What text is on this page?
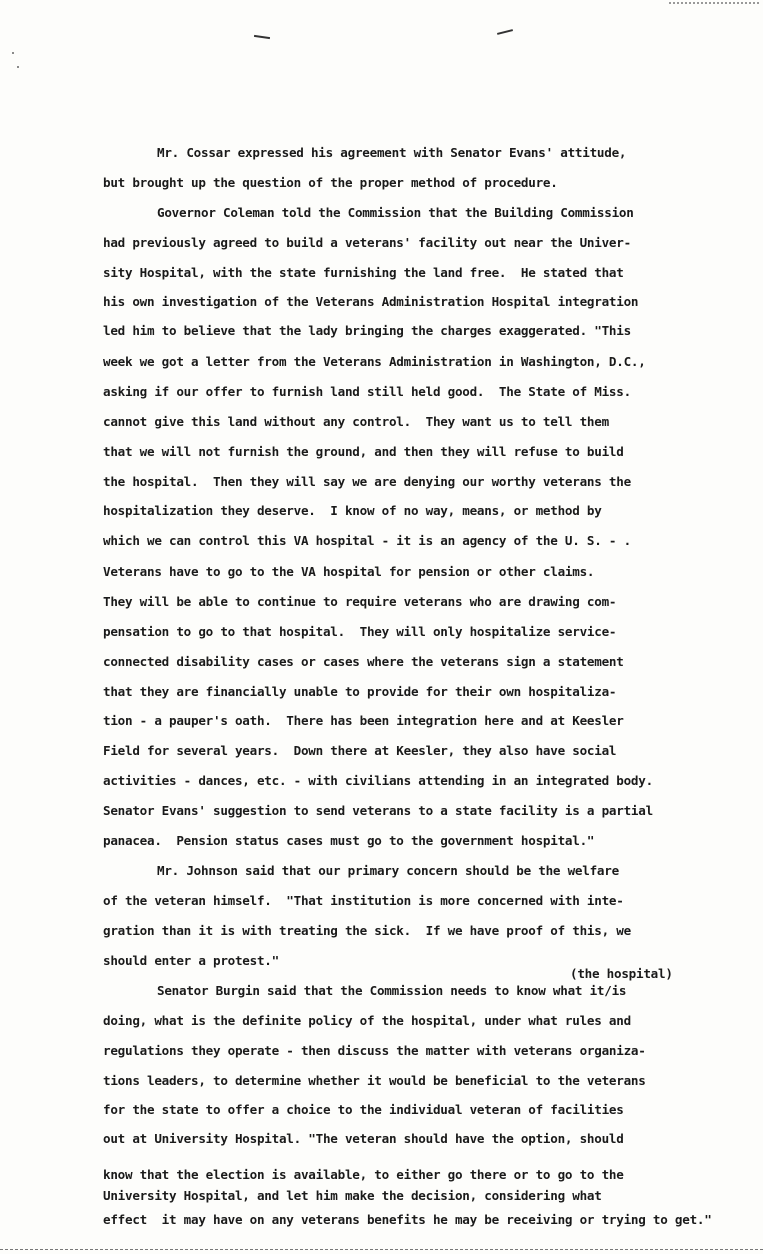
Mr. Cossar expressed his agreement with Senator Evans' attitude,
but brought up the question of the proper method of procedure.
Governor Coleman told the Commission that the Building Commission
had previously agreed to build a veterans' facility out near the Univer-
sity Hospital, with the state furnishing the land free.  He stated that
his own investigation of the Veterans Administration Hospital integration
led him to believe that the lady bringing the charges exaggerated. "This
week we got a letter from the Veterans Administration in Washington, D.C.,
asking if our offer to furnish land still held good.  The State of Miss.
cannot give this land without any control.  They want us to tell them
that we will not furnish the ground, and then they will refuse to build
the hospital.  Then they will say we are denying our worthy veterans the
hospitalization they deserve.  I know of no way, means, or method by
which we can control this VA hospital - it is an agency of the U. S. - .
Veterans have to go to the VA hospital for pension or other claims.
They will be able to continue to require veterans who are drawing com-
pensation to go to that hospital.  They will only hospitalize service-
connected disability cases or cases where the veterans sign a statement
that they are financially unable to provide for their own hospitaliza-
tion - a pauper's oath.  There has been integration here and at Keesler
Field for several years.  Down there at Keesler, they also have social
activities - dances, etc. - with civilians attending in an integrated body.
Senator Evans' suggestion to send veterans to a state facility is a partial
panacea.  Pension status cases must go to the government hospital."
Mr. Johnson said that our primary concern should be the welfare
of the veteran himself.  "That institution is more concerned with inte-
gration than it is with treating the sick.  If we have proof of this, we
should enter a protest."
(the hospital)
Senator Burgin said that the Commission needs to know what it/is
doing, what is the definite policy of the hospital, under what rules and
regulations they operate - then discuss the matter with veterans organiza-
tions leaders, to determine whether it would be beneficial to the veterans
for the state to offer a choice to the individual veteran of facilities
out at University Hospital. "The veteran should have the option, should
know that the election is available, to either go there or to go to the
University Hospital, and let him make the decision, considering what
effect  it may have on any veterans benefits he may be receiving or trying to get."
